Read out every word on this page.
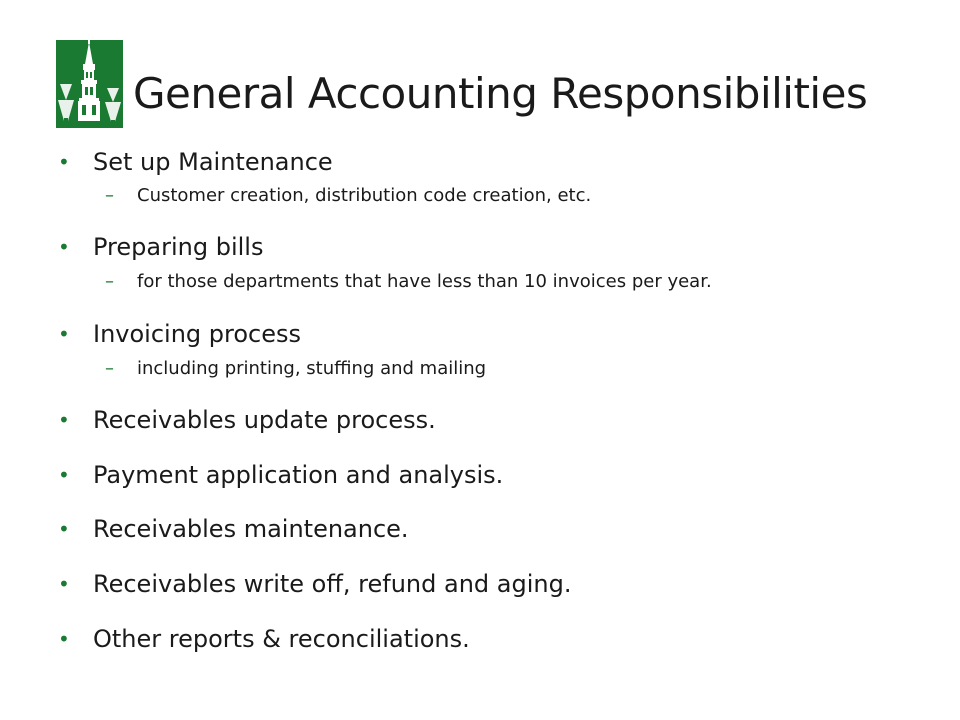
General Accounting Responsibilities
• Set up Maintenance
– Customer creation, distribution code creation, etc.
• Preparing bills
– for those departments that have less than 10 invoices per year.
• Invoicing process
– including printing, stuffing and mailing
• Receivables update process.
• Payment application and analysis.
• Receivables maintenance.
• Receivables write off, refund and aging.
• Other reports & reconciliations.
